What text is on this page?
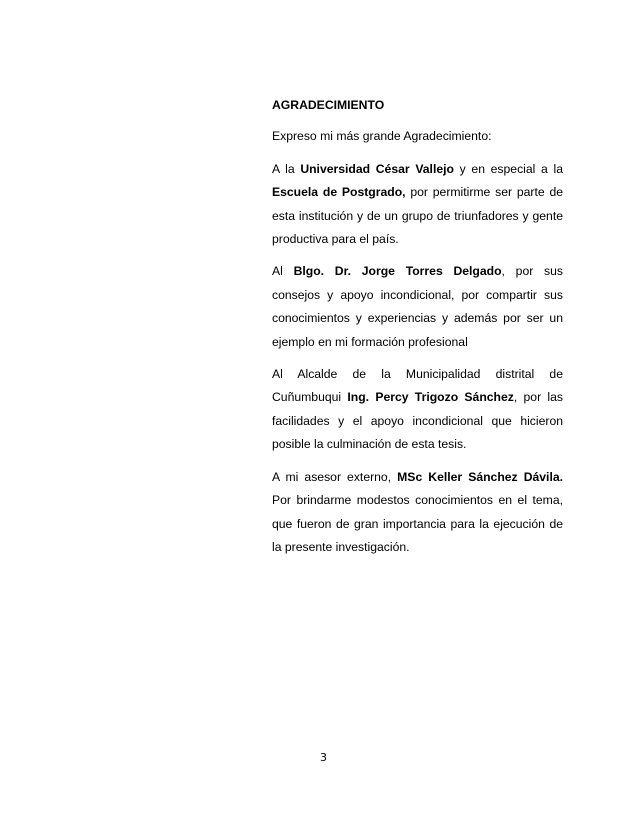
AGRADECIMIENTO

Expreso mi más grande Agradecimiento:

A la Universidad César Vallejo y en especial a la Escuela de Postgrado, por permitirme ser parte de esta institución y de un grupo de triunfadores y gente productiva para el país.

Al Blgo. Dr. Jorge Torres Delgado, por sus consejos y apoyo incondicional, por compartir sus conocimientos y experiencias y además por ser un ejemplo en mi formación profesional

Al Alcalde de la Municipalidad distrital de Cuñumbuqui Ing. Percy Trigozo Sánchez, por las facilidades y el apoyo incondicional que hicieron posible la culminación de esta tesis.

A mi asesor externo, MSc Keller Sánchez Dávila. Por brindarme modestos conocimientos en el tema, que fueron de gran importancia para la ejecución de la presente investigación.

3
